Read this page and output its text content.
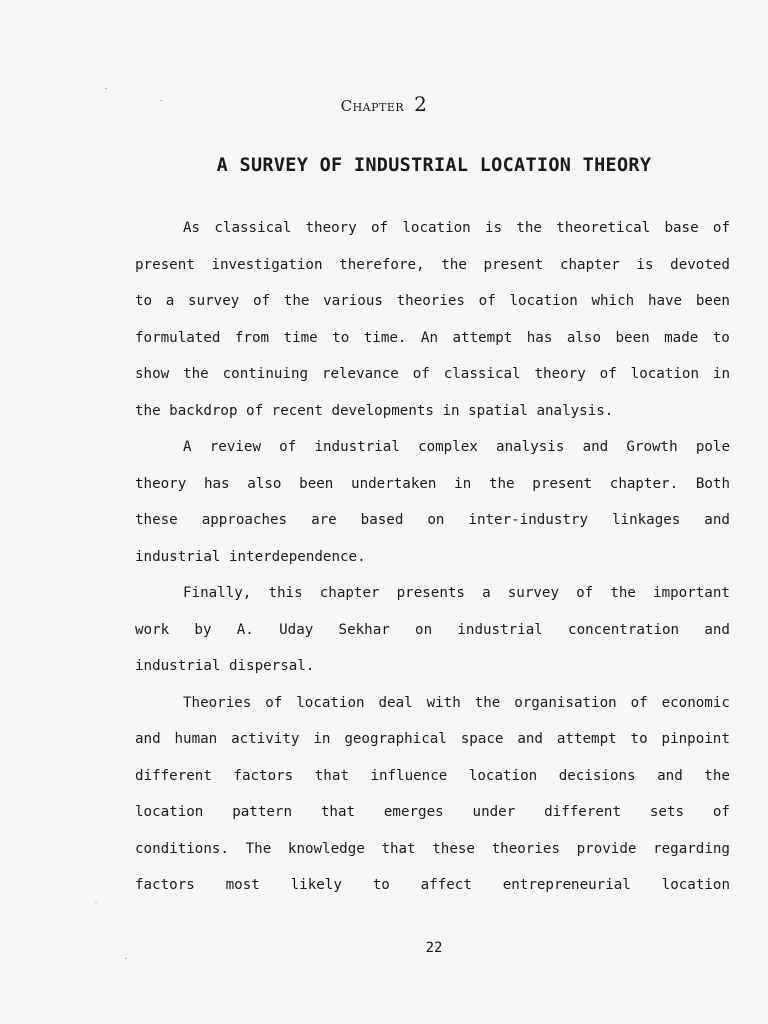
Chapter 2
A SURVEY OF INDUSTRIAL LOCATION THEORY
As classical theory of location is the theoretical base of
present investigation therefore, the present chapter is devoted
to a survey of the various theories of location which have been
formulated from time to time. An attempt has also been made to
show the continuing relevance of classical theory of location in
the backdrop of recent developments in spatial analysis.
A review of industrial complex analysis and Growth pole
theory has also been undertaken in the present chapter. Both
these approaches are based on inter-industry linkages and
industrial interdependence.
Finally, this chapter presents a survey of the important
work by A. Uday Sekhar on industrial concentration and
industrial dispersal.
Theories of location deal with the organisation of economic
and human activity in geographical space and attempt to pinpoint
different factors that influence location decisions and the
location pattern that emerges under different sets of
conditions. The knowledge that these theories provide regarding
factors most likely to affect entrepreneurial location
22
